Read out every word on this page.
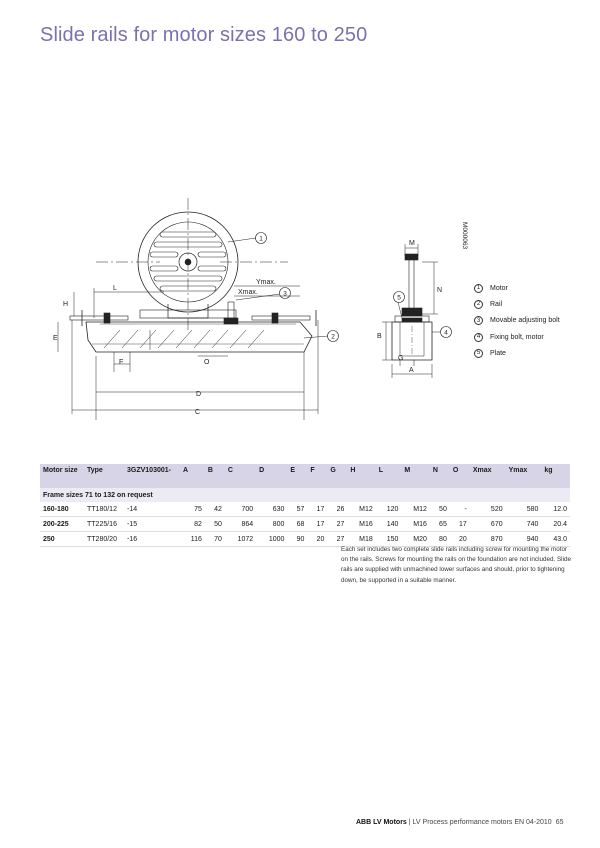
Slide rails for motor sizes 160 to 250
1
3
2
D
C
E
H
L
F	O
Ymax.
Xmax.
M
N
B
G
A
5
4
M000063
1	Motor
2	Rail
3	Movable adjusting bolt
4	Fixing bolt, motor
5	Plate
Motor size	Type	3GZV103001-	A	B	C	D	E	F	G	H	L	M	N	O	Xmax	Ymax	kg
Frame sizes 71 to 132 on request																	
160-180	TT180/12	-14	75	42	700	630	57	17	26	M12	120	M12	50	-	520	580	12.0
200-225	TT225/16	-15	82	50	864	800	68	17	27	M16	140	M16	65	17	670	740	20.4
250	TT280/20	-16	116	70	1072	1000	90	20	27	M18	150	M20	80	20	870	940	43.0
Each set includes two complete slide rails including screw for mounting the motor on the rails. Screws for mounting the rails on the foundation are not included. Slide rails are supplied with unmachined lower surfaces and should, prior to tightening down, be supported in a suitable manner.
ABB LV Motors | LV Process performance motors EN 04-2010 65
